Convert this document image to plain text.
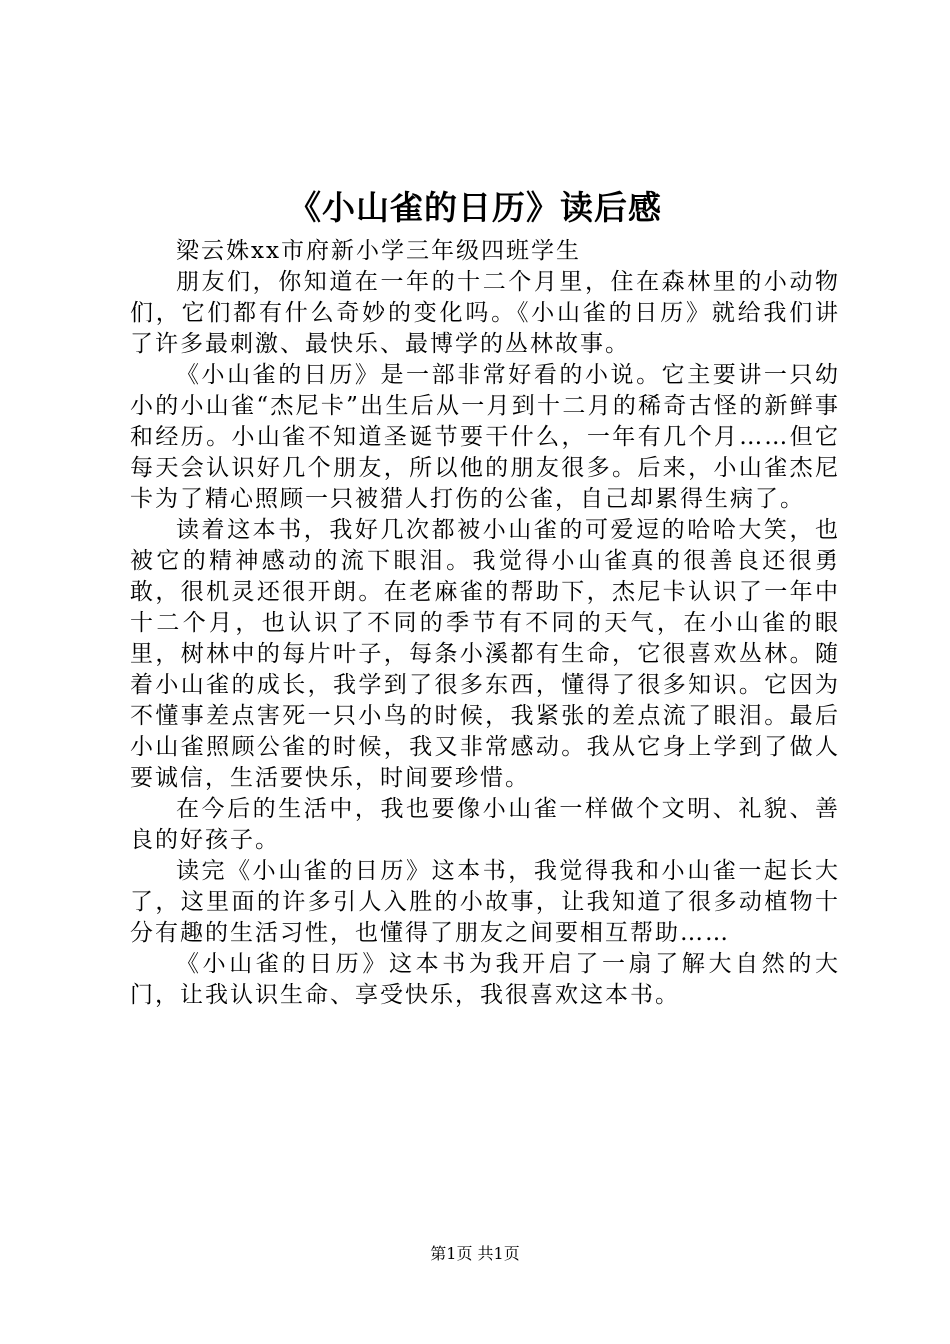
《小山雀的日历》读后感

梁云姝xx市府新小学三年级四班学生

朋友们，你知道在一年的十二个月里，住在森林里的小动物们，它们都有什么奇妙的变化吗。《小山雀的日历》就给我们讲了许多最刺激、最快乐、最博学的丛林故事。

《小山雀的日历》是一部非常好看的小说。它主要讲一只幼小的小山雀“杰尼卡”出生后从一月到十二月的稀奇古怪的新鲜事和经历。小山雀不知道圣诞节要干什么，一年有几个月……但它每天会认识好几个朋友，所以他的朋友很多。后来，小山雀杰尼卡为了精心照顾一只被猎人打伤的公雀，自己却累得生病了。

读着这本书，我好几次都被小山雀的可爱逗的哈哈大笑，也被它的精神感动的流下眼泪。我觉得小山雀真的很善良还很勇敢，很机灵还很开朗。在老麻雀的帮助下，杰尼卡认识了一年中十二个月，也认识了不同的季节有不同的天气，在小山雀的眼里，树林中的每片叶子，每条小溪都有生命，它很喜欢丛林。随着小山雀的成长，我学到了很多东西，懂得了很多知识。它因为不懂事差点害死一只小鸟的时候，我紧张的差点流了眼泪。最后小山雀照顾公雀的时候，我又非常感动。我从它身上学到了做人要诚信，生活要快乐，时间要珍惜。

在今后的生活中，我也要像小山雀一样做个文明、礼貌、善良的好孩子。

读完《小山雀的日历》这本书，我觉得我和小山雀一起长大了，这里面的许多引人入胜的小故事，让我知道了很多动植物十分有趣的生活习性，也懂得了朋友之间要相互帮助……

《小山雀的日历》这本书为我开启了一扇了解大自然的大门，让我认识生命、享受快乐，我很喜欢这本书。

第1页 共1页
